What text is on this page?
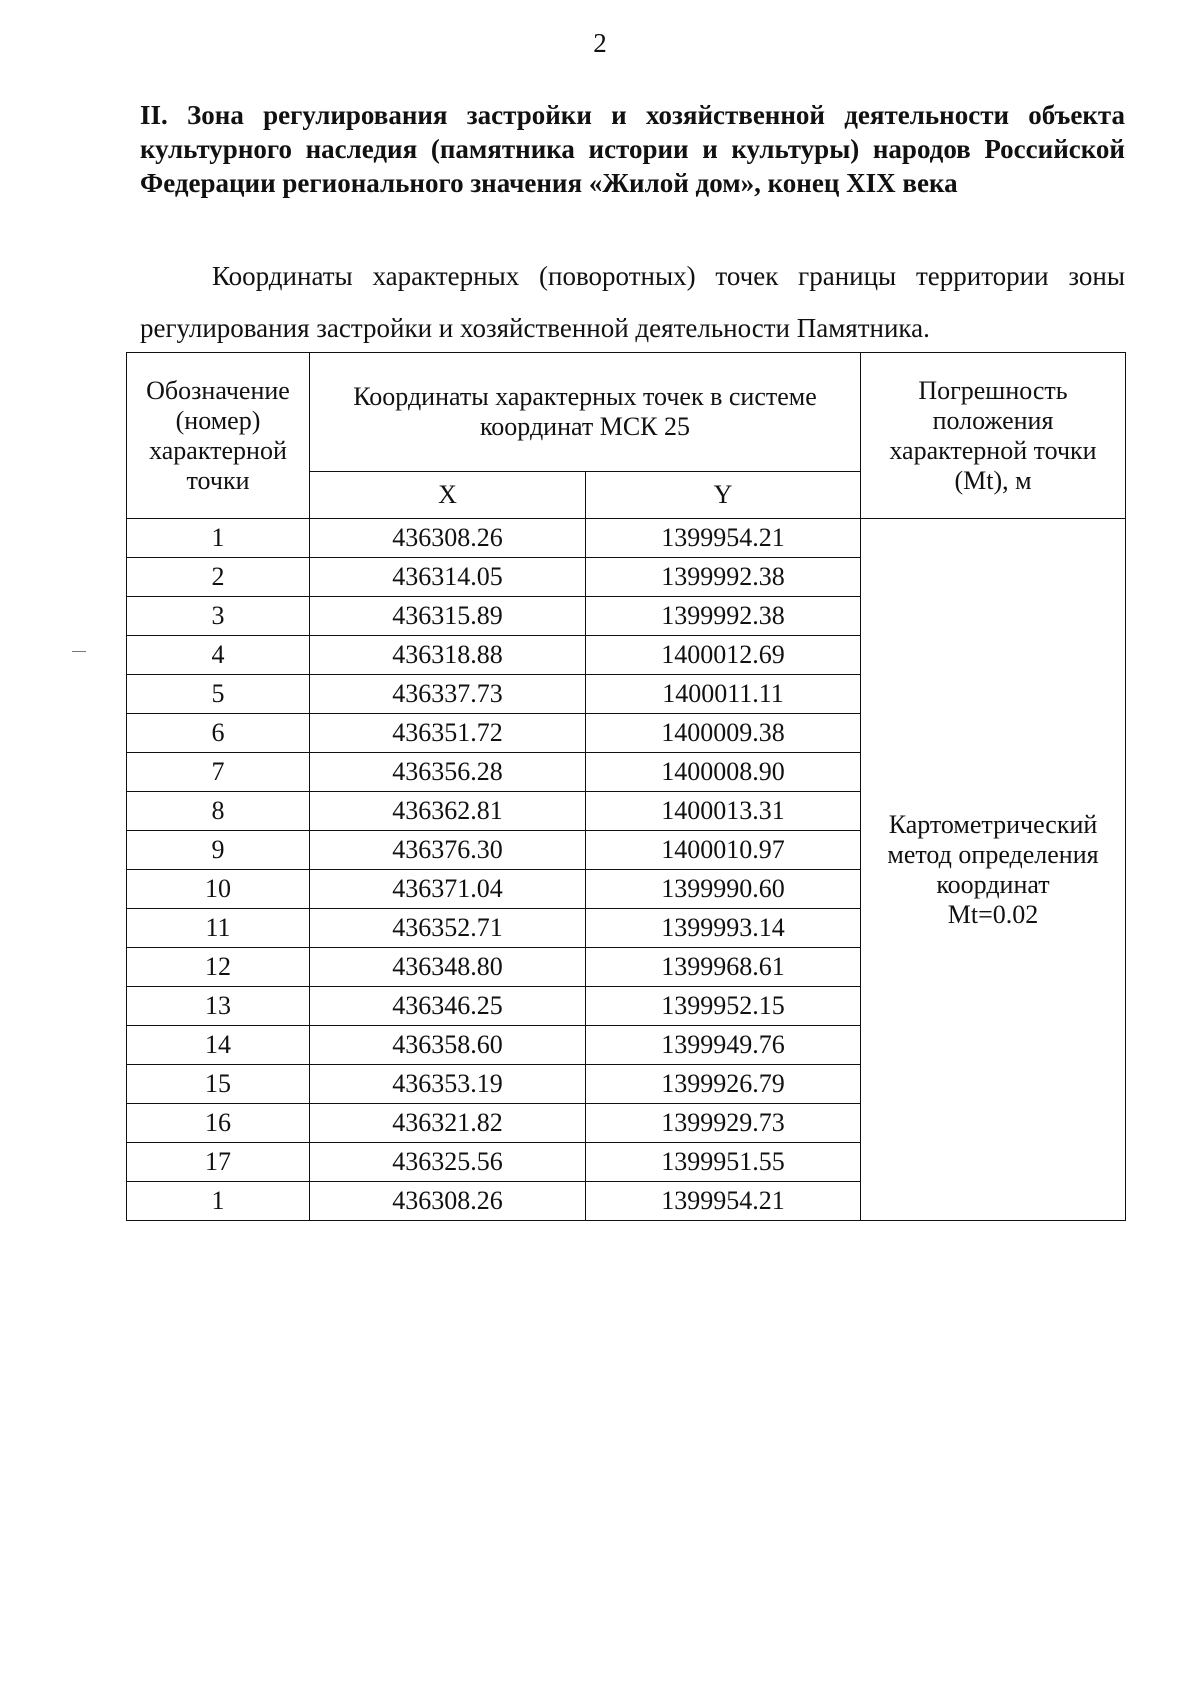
2
II. Зона регулирования застройки и хозяйственной деятельности объекта культурного наследия (памятника истории и культуры) народов Российской Федерации регионального значения «Жилой дом», конец XIX века

Координаты характерных (поворотных) точек границы территории зоны регулирования застройки и хозяйственной деятельности Памятника.

Обозначение (номер) характерной точки	Координаты характерных точек в системе координат МСК 25		Погрешность положения характерной точки (Mt), м
	X	Y	
1	436308.26	1399954.21	Картометрический
метод определения
координат
Mt=0.02

2	436314.05	1399992.38	
3	436315.89	1399992.38	
4	436318.88	1400012.69	
5	436337.73	1400011.11	
6	436351.72	1400009.38	
7	436356.28	1400008.90	
8	436362.81	1400013.31	
9	436376.30	1400010.97	
10	436371.04	1399990.60	
11	436352.71	1399993.14	
12	436348.80	1399968.61	
13	436346.25	1399952.15	
14	436358.60	1399949.76	
15	436353.19	1399926.79	
16	436321.82	1399929.73	
17	436325.56	1399951.55	
1	436308.26	1399954.21	
